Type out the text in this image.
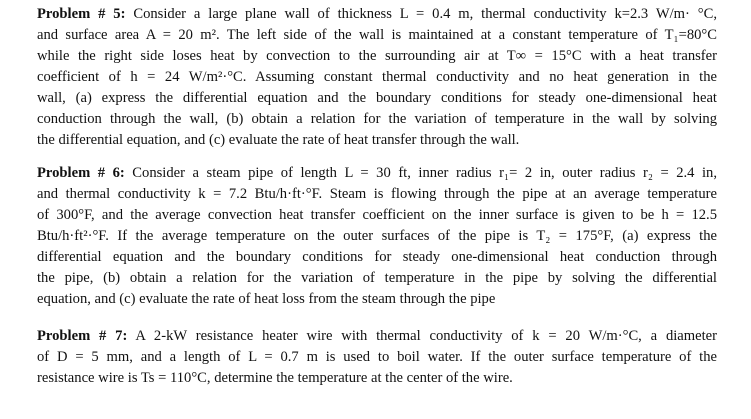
Problem # 5: Consider a large plane wall of thickness L = 0.4 m, thermal conductivity k=2.3 W/m· °C,
and surface area A = 20 m². The left side of the wall is maintained at a constant temperature of T₁=80°C
while the right side loses heat by convection to the surrounding air at T∞ = 15°C with a heat transfer
coefficient of h = 24 W/m²·°C. Assuming constant thermal conductivity and no heat generation in the
wall, (a) express the differential equation and the boundary conditions for steady one-dimensional heat
conduction through the wall, (b) obtain a relation for the variation of temperature in the wall by solving
the differential equation, and (c) evaluate the rate of heat transfer through the wall.
Problem # 6: Consider a steam pipe of length L = 30 ft, inner radius r₁= 2 in, outer radius r₂ = 2.4 in,
and thermal conductivity k = 7.2 Btu/h·ft·°F. Steam is flowing through the pipe at an average temperature
of 300°F, and the average convection heat transfer coefficient on the inner surface is given to be h = 12.5
Btu/h·ft²·°F. If the average temperature on the outer surfaces of the pipe is T₂ = 175°F, (a) express the
differential equation and the boundary conditions for steady one-dimensional heat conduction through
the pipe, (b) obtain a relation for the variation of temperature in the pipe by solving the differential
equation, and (c) evaluate the rate of heat loss from the steam through the pipe
Problem # 7: A 2-kW resistance heater wire with thermal conductivity of k = 20 W/m·°C, a diameter
of D = 5 mm, and a length of L = 0.7 m is used to boil water. If the outer surface temperature of the
resistance wire is Ts = 110°C, determine the temperature at the center of the wire.
